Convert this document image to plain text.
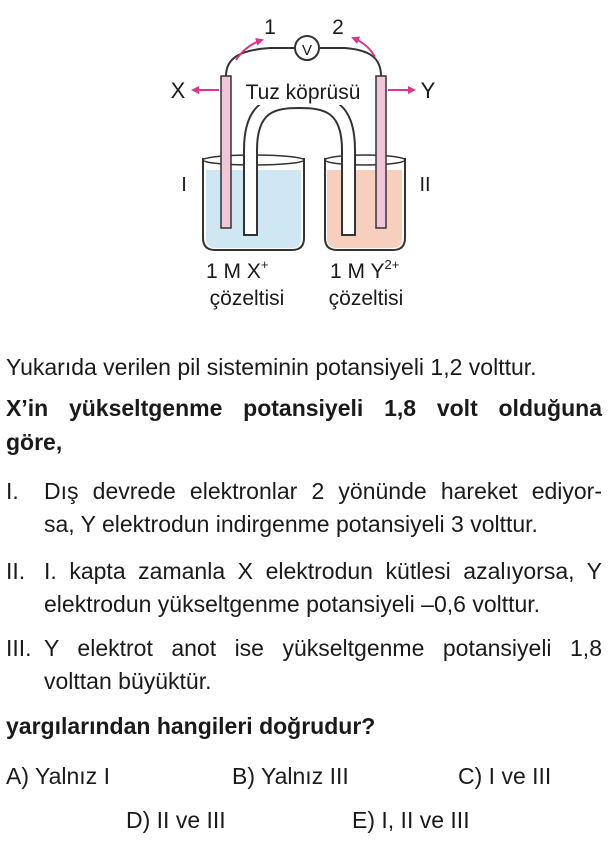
V
1	2
X	Y
Tuz köprüsü
I	II
1 M X+
çözeltisi
1 M $Y^{2+}$
çözeltisi
Yukarıda verilen pil sisteminin potansiyeli 1,2 volttur.
X’in yükseltgenme potansiyeli 1,8 volt olduğuna
göre,
I. Dış devrede elektronlar 2 yönünde hareket ediyor-
sa, Y elektrodun indirgenme potansiyeli 3 volttur.
II. I. kapta zamanla X elektrodun kütlesi azalıyorsa, Y
elektrodun yükseltgenme potansiyeli –0,6 volttur.
III. Y elektrot anot ise yükseltgenme potansiyeli 1,8
volttan büyüktür.
yargılarından hangileri doğrudur?
A) Yalnız I	B) Yalnız III	C) I ve III
D) II ve III	E) I, II ve III
